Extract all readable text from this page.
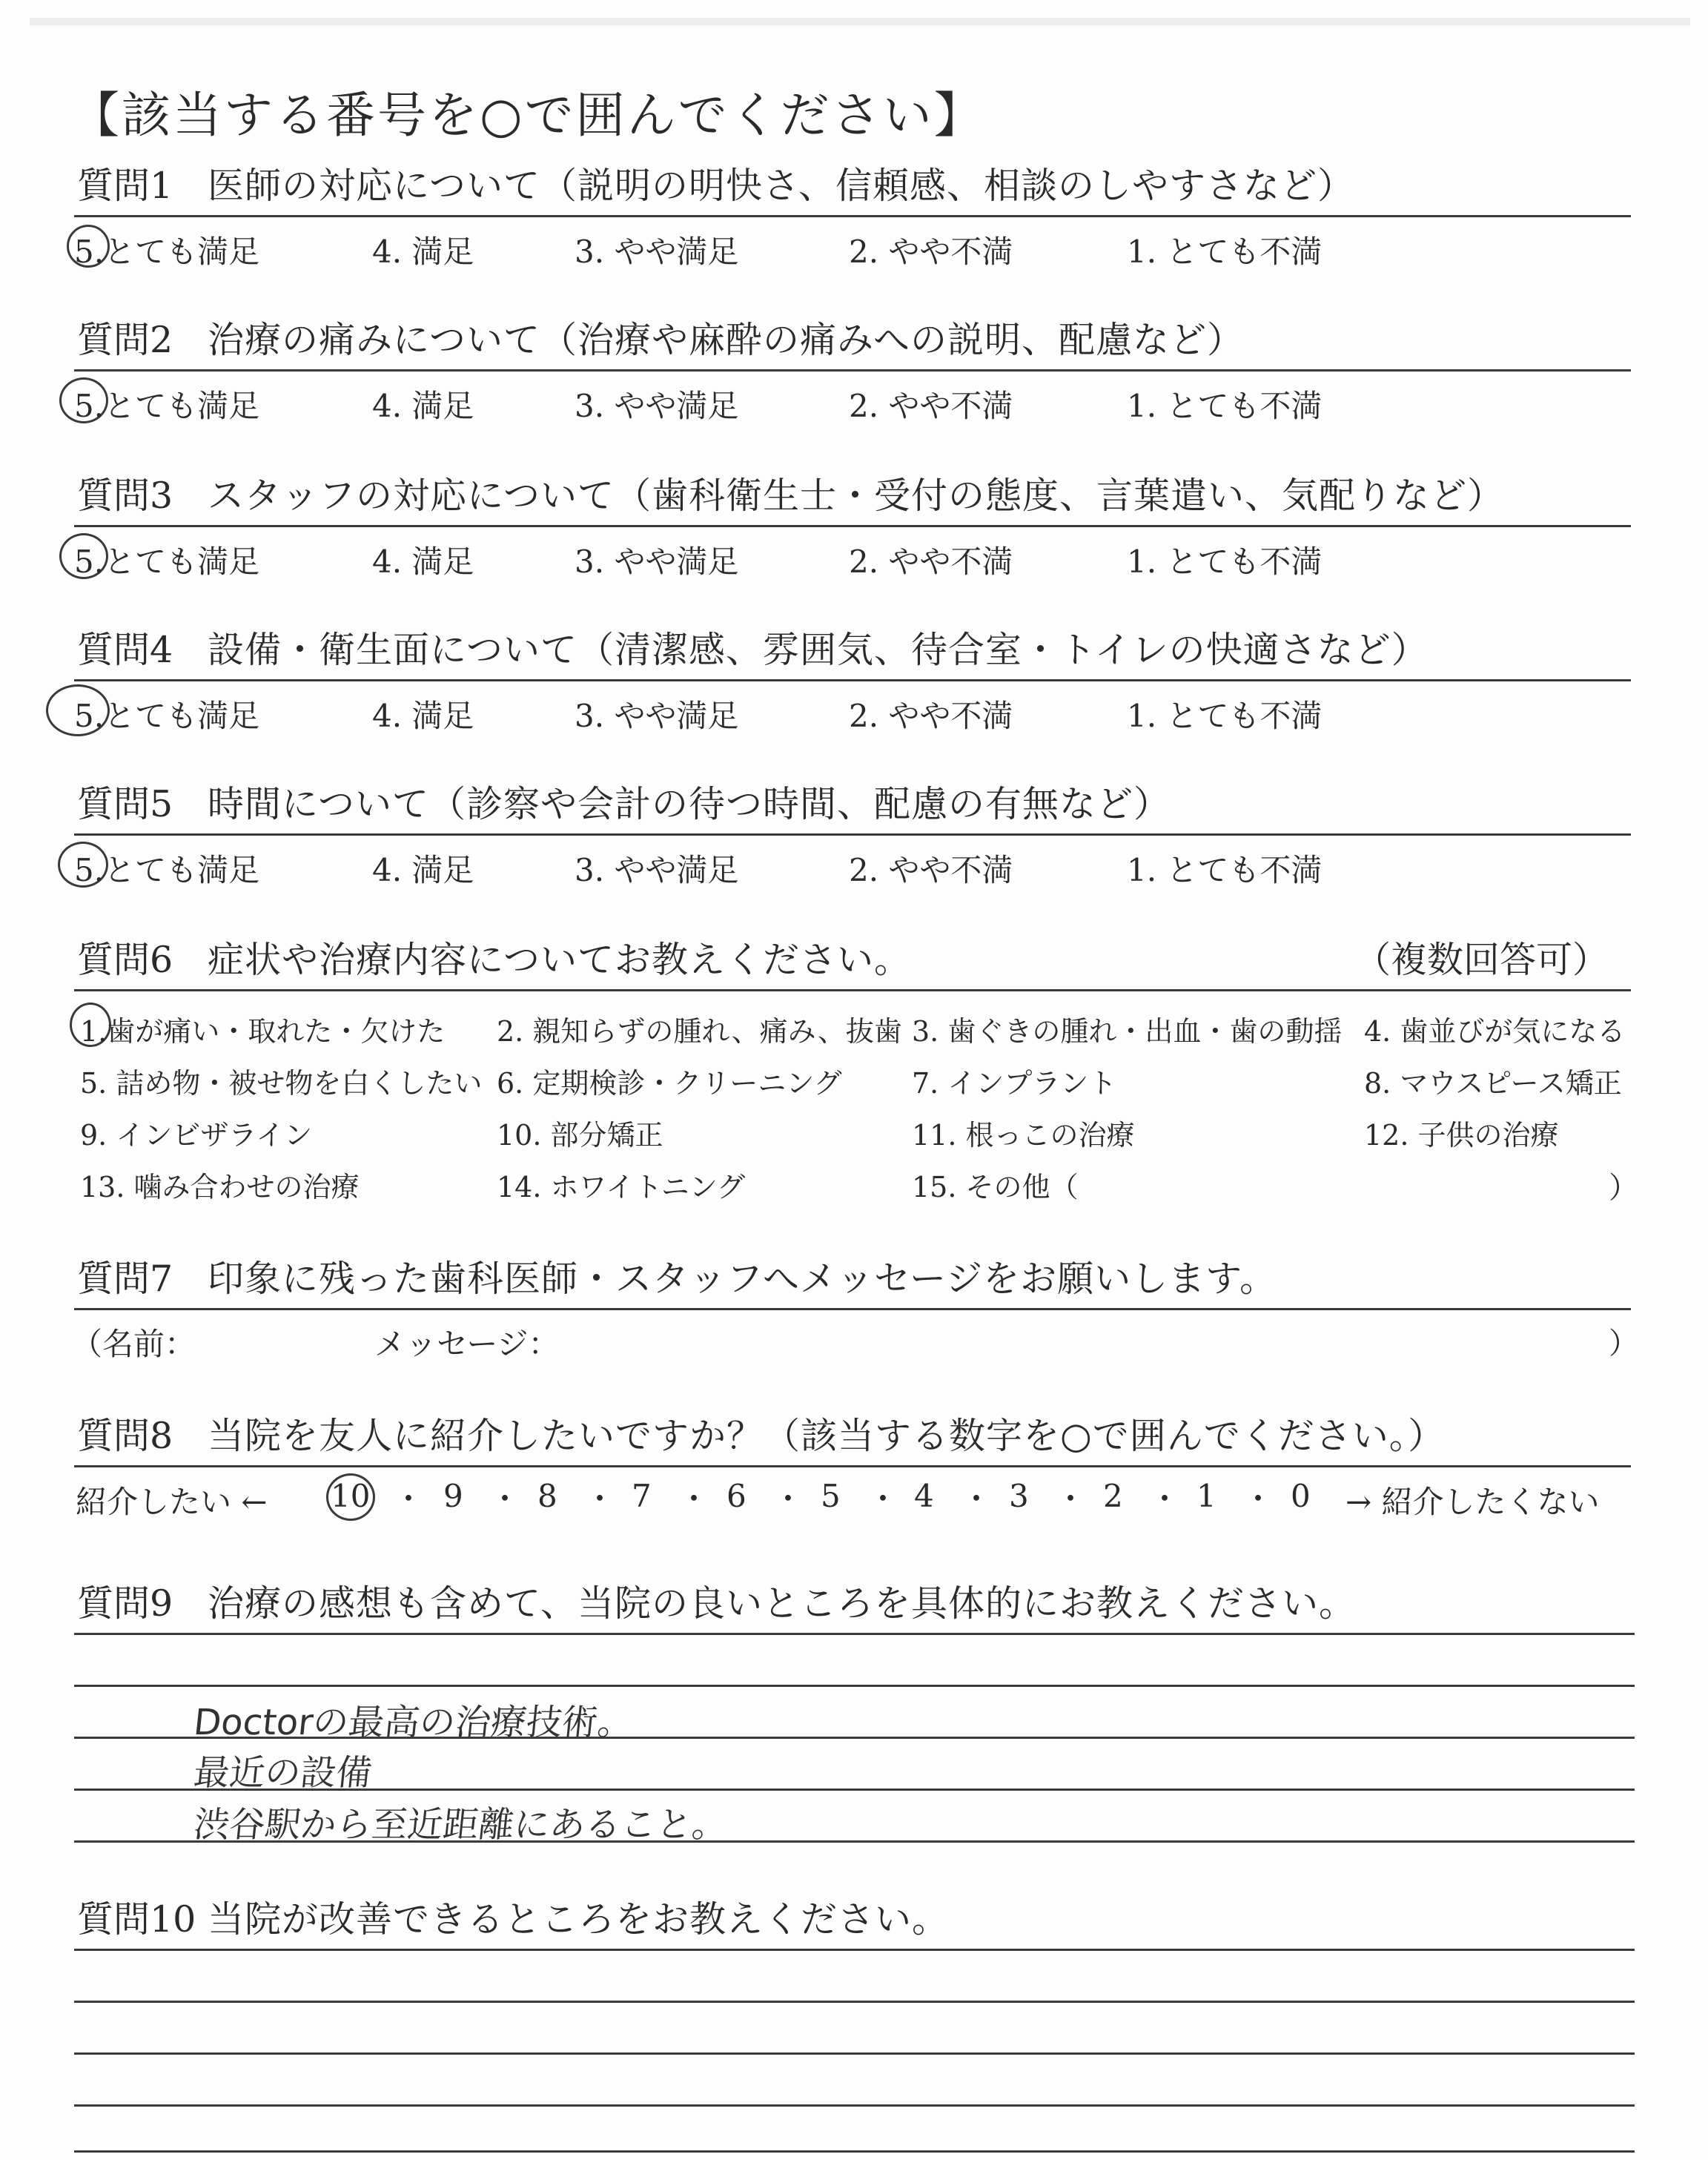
【該当する番号を○で囲んでください】
質問1 医師の対応について（説明の明快さ、信頼感、相談のしやすさなど）
5.とても満足	4. 満足	3. やや満足	2. やや不満	1. とても不満
質問2 治療の痛みについて（治療や麻酔の痛みへの説明、配慮など）
5.とても満足	4. 満足	3. やや満足	2. やや不満	1. とても不満
質問3 スタッフの対応について（歯科衛生士・受付の態度、言葉遣い、気配りなど）
5.とても満足	4. 満足	3. やや満足	2. やや不満	1. とても不満
質問4 設備・衛生面について（清潔感、雰囲気、待合室・トイレの快適さなど）
5.とても満足	4. 満足	3. やや満足	2. やや不満	1. とても不満
質問5 時間について（診察や会計の待つ時間、配慮の有無など）
5.とても満足	4. 満足	3. やや満足	2. やや不満	1. とても不満
質問6 症状や治療内容についてお教えください。	（複数回答可）
1.歯が痛い・取れた・欠けた 2. 親知らずの腫れ、痛み、抜歯 3. 歯ぐきの腫れ・出血・歯の動揺 4. 歯並びが気になる
5. 詰め物・被せ物を白くしたい 6. 定期検診・クリーニング 7. インプラント	8. マウスピース矯正
9. インビザライン	10. 部分矯正	11. 根っこの治療	12. 子供の治療
13. 噛み合わせの治療	14. ホワイトニング	15. その他（	）
質問7 印象に残った歯科医師・スタッフへメッセージをお願いします。
（名前：	メッセージ：	）
質問8 当院を友人に紹介したいですか？（該当する数字を○で囲んでください。）
紹介したい ← 10 ・ 9 ・ 8 ・ 7 ・ 6 ・ 5 ・ 4 ・ 3 ・ 2 ・ 1 ・ 0 → 紹介したくない
質問9 治療の感想も含めて、当院の良いところを具体的にお教えください。
Doctorの最高の治療技術。
最近の設備
渋谷駅から至近距離にあること。
質問10 当院が改善できるところをお教えください。
